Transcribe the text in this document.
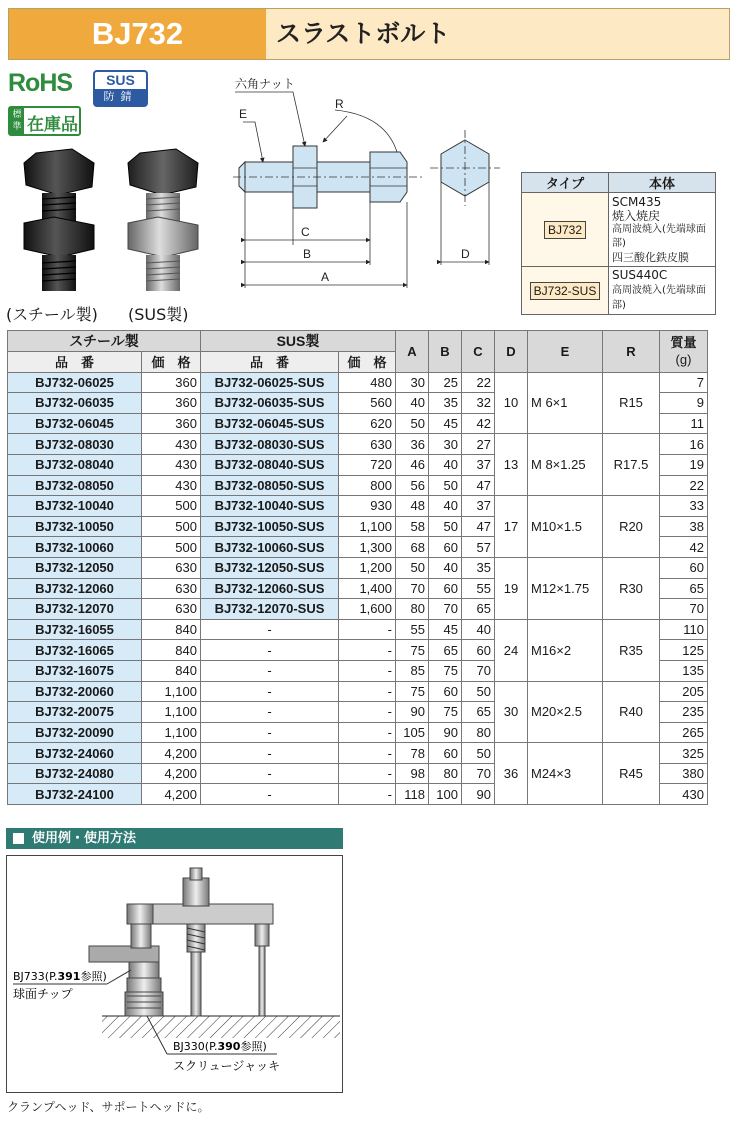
BJ732	スラストボルト
RoHS	SUS
防錆
標準 在庫品
(スチール製) (SUS製)
六角ナット
E
R
C
B
A
D
タイプ	本体
BJ732	SCM435
焼入焼戻
高周波焼入(先端球面部)
四三酸化鉄皮膜

BJ732-SUS	SUS440C
高周波焼入(先端球面部)
スチール製		SUS製		A	B	C	D	E	R	質量
(g)

品　番	価　格	品　番	価　格							
BJ732-06025	360	BJ732-06025-SUS	480	30	25	22	10	M 6×1	R15	7
BJ732-06035	360	BJ732-06035-SUS	560	40	35	32				9
BJ732-06045	360	BJ732-06045-SUS	620	50	45	42				11
BJ732-08030	430	BJ732-08030-SUS	630	36	30	27	13	M 8×1.25	R17.5	16
BJ732-08040	430	BJ732-08040-SUS	720	46	40	37				19
BJ732-08050	430	BJ732-08050-SUS	800	56	50	47				22
BJ732-10040	500	BJ732-10040-SUS	930	48	40	37	17	M10×1.5	R20	33
BJ732-10050	500	BJ732-10050-SUS	1,100	58	50	47				38
BJ732-10060	500	BJ732-10060-SUS	1,300	68	60	57				42
BJ732-12050	630	BJ732-12050-SUS	1,200	50	40	35	19	M12×1.75	R30	60
BJ732-12060	630	BJ732-12060-SUS	1,400	70	60	55				65
BJ732-12070	630	BJ732-12070-SUS	1,600	80	70	65				70
BJ732-16055	840	-	-	55	45	40	24	M16×2	R35	110
BJ732-16065	840	-	-	75	65	60				125
BJ732-16075	840	-	-	85	75	70				135
BJ732-20060	1,100	-	-	75	60	50	30	M20×2.5	R40	205
BJ732-20075	1,100	-	-	90	75	65				235
BJ732-20090	1,100	-	-	105	90	80				265
BJ732-24060	4,200	-	-	78	60	50	36	M24×3	R45	325
BJ732-24080	4,200	-	-	98	80	70				380
BJ732-24100	4,200	-	-	118	100	90				430
使用例・使用方法
BJ733(P.391参照)
球面チップ
BJ330(P.390参照)
スクリュージャッキ
クランプヘッド、サポートヘッドに。
